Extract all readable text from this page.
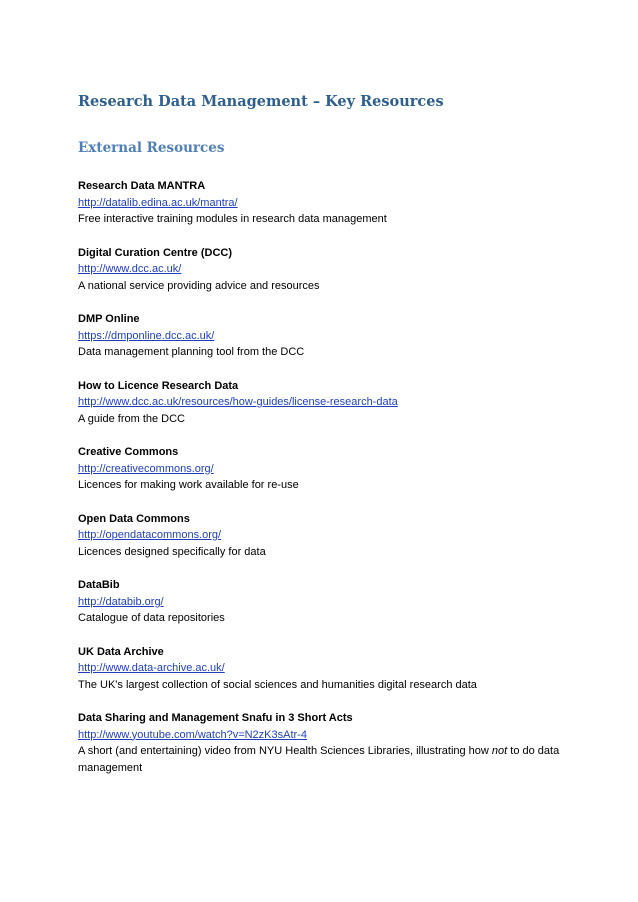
Research Data Management – Key Resources
External Resources
Research Data MANTRA
http://datalib.edina.ac.uk/mantra/
Free interactive training modules in research data management
Digital Curation Centre (DCC)
http://www.dcc.ac.uk/
A national service providing advice and resources
DMP Online
https://dmponline.dcc.ac.uk/
Data management planning tool from the DCC
How to Licence Research Data
http://www.dcc.ac.uk/resources/how-guides/license-research-data
A guide from the DCC
Creative Commons
http://creativecommons.org/
Licences for making work available for re-use
Open Data Commons
http://opendatacommons.org/
Licences designed specifically for data
DataBib
http://databib.org/
Catalogue of data repositories
UK Data Archive
http://www.data-archive.ac.uk/
The UK's largest collection of social sciences and humanities digital research data
Data Sharing and Management Snafu in 3 Short Acts
http://www.youtube.com/watch?v=N2zK3sAtr-4
A short (and entertaining) video from NYU Health Sciences Libraries, illustrating how not to do data management
